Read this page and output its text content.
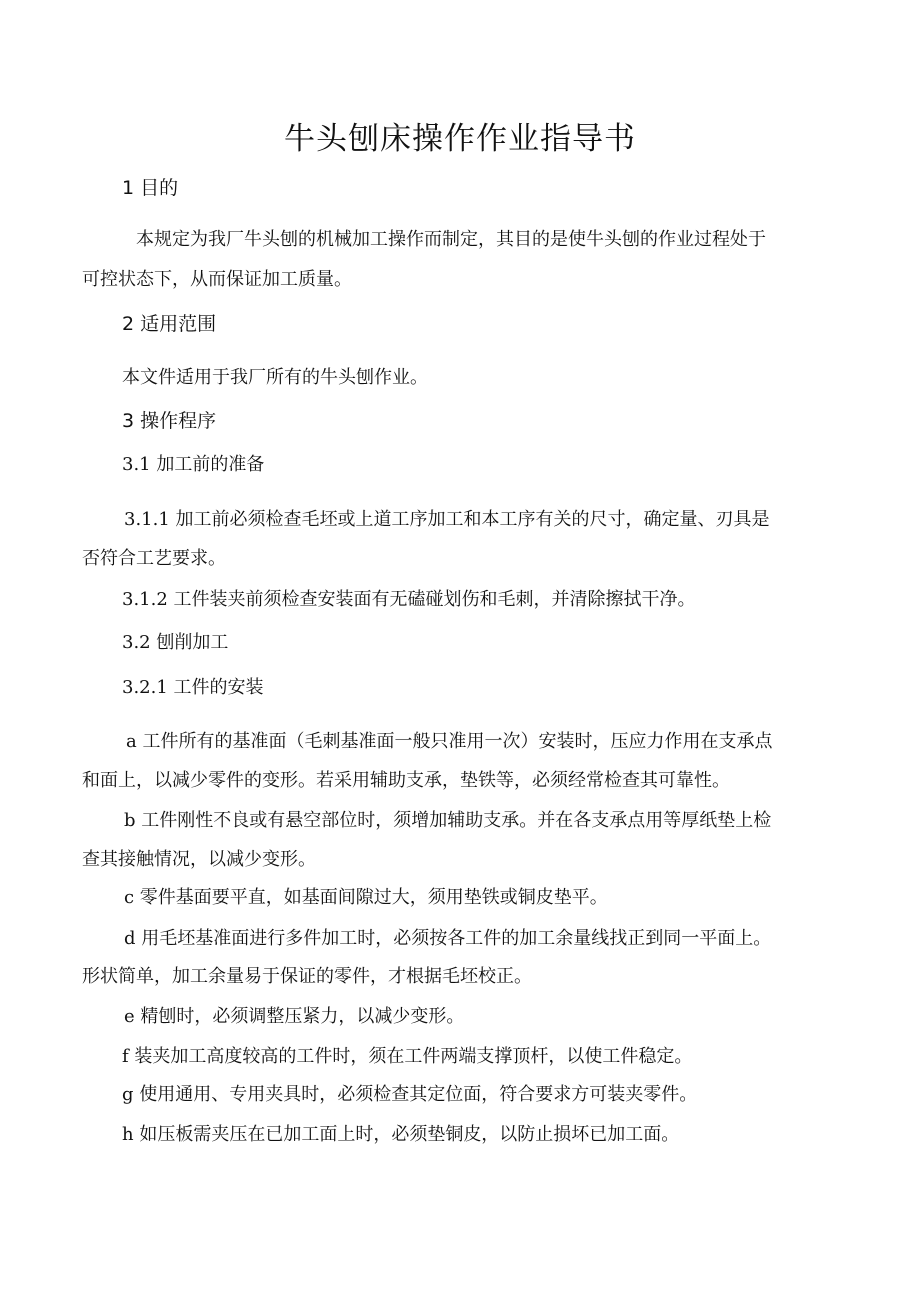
牛头刨床操作作业指导书
1 目的
本规定为我厂牛头刨的机械加工操作而制定，其目的是使牛头刨的作业过程处于
可控状态下，从而保证加工质量。
2 适用范围
本文件适用于我厂所有的牛头刨作业。
3 操作程序
3.1 加工前的准备
3.1.1 加工前必须检查毛坯或上道工序加工和本工序有关的尺寸，确定量、刃具是
否符合工艺要求。
3.1.2 工件装夹前须检查安装面有无磕碰划伤和毛刺，并清除擦拭干净。
3.2 刨削加工
3.2.1 工件的安装
a 工件所有的基准面（毛刺基准面一般只准用一次）安装时，压应力作用在支承点
和面上，以减少零件的变形。若采用辅助支承，垫铁等，必须经常检查其可靠性。
b 工件刚性不良或有悬空部位时，须增加辅助支承。并在各支承点用等厚纸垫上检
查其接触情况，以减少变形。
c 零件基面要平直，如基面间隙过大，须用垫铁或铜皮垫平。
d 用毛坯基准面进行多件加工时，必须按各工件的加工余量线找正到同一平面上。
形状简单，加工余量易于保证的零件，才根据毛坯校正。
e 精刨时，必须调整压紧力，以减少变形。
f 装夹加工高度较高的工件时，须在工件两端支撑顶杆，以使工件稳定。
g 使用通用、专用夹具时，必须检查其定位面，符合要求方可装夹零件。
h 如压板需夹压在已加工面上时，必须垫铜皮，以防止损坏已加工面。
